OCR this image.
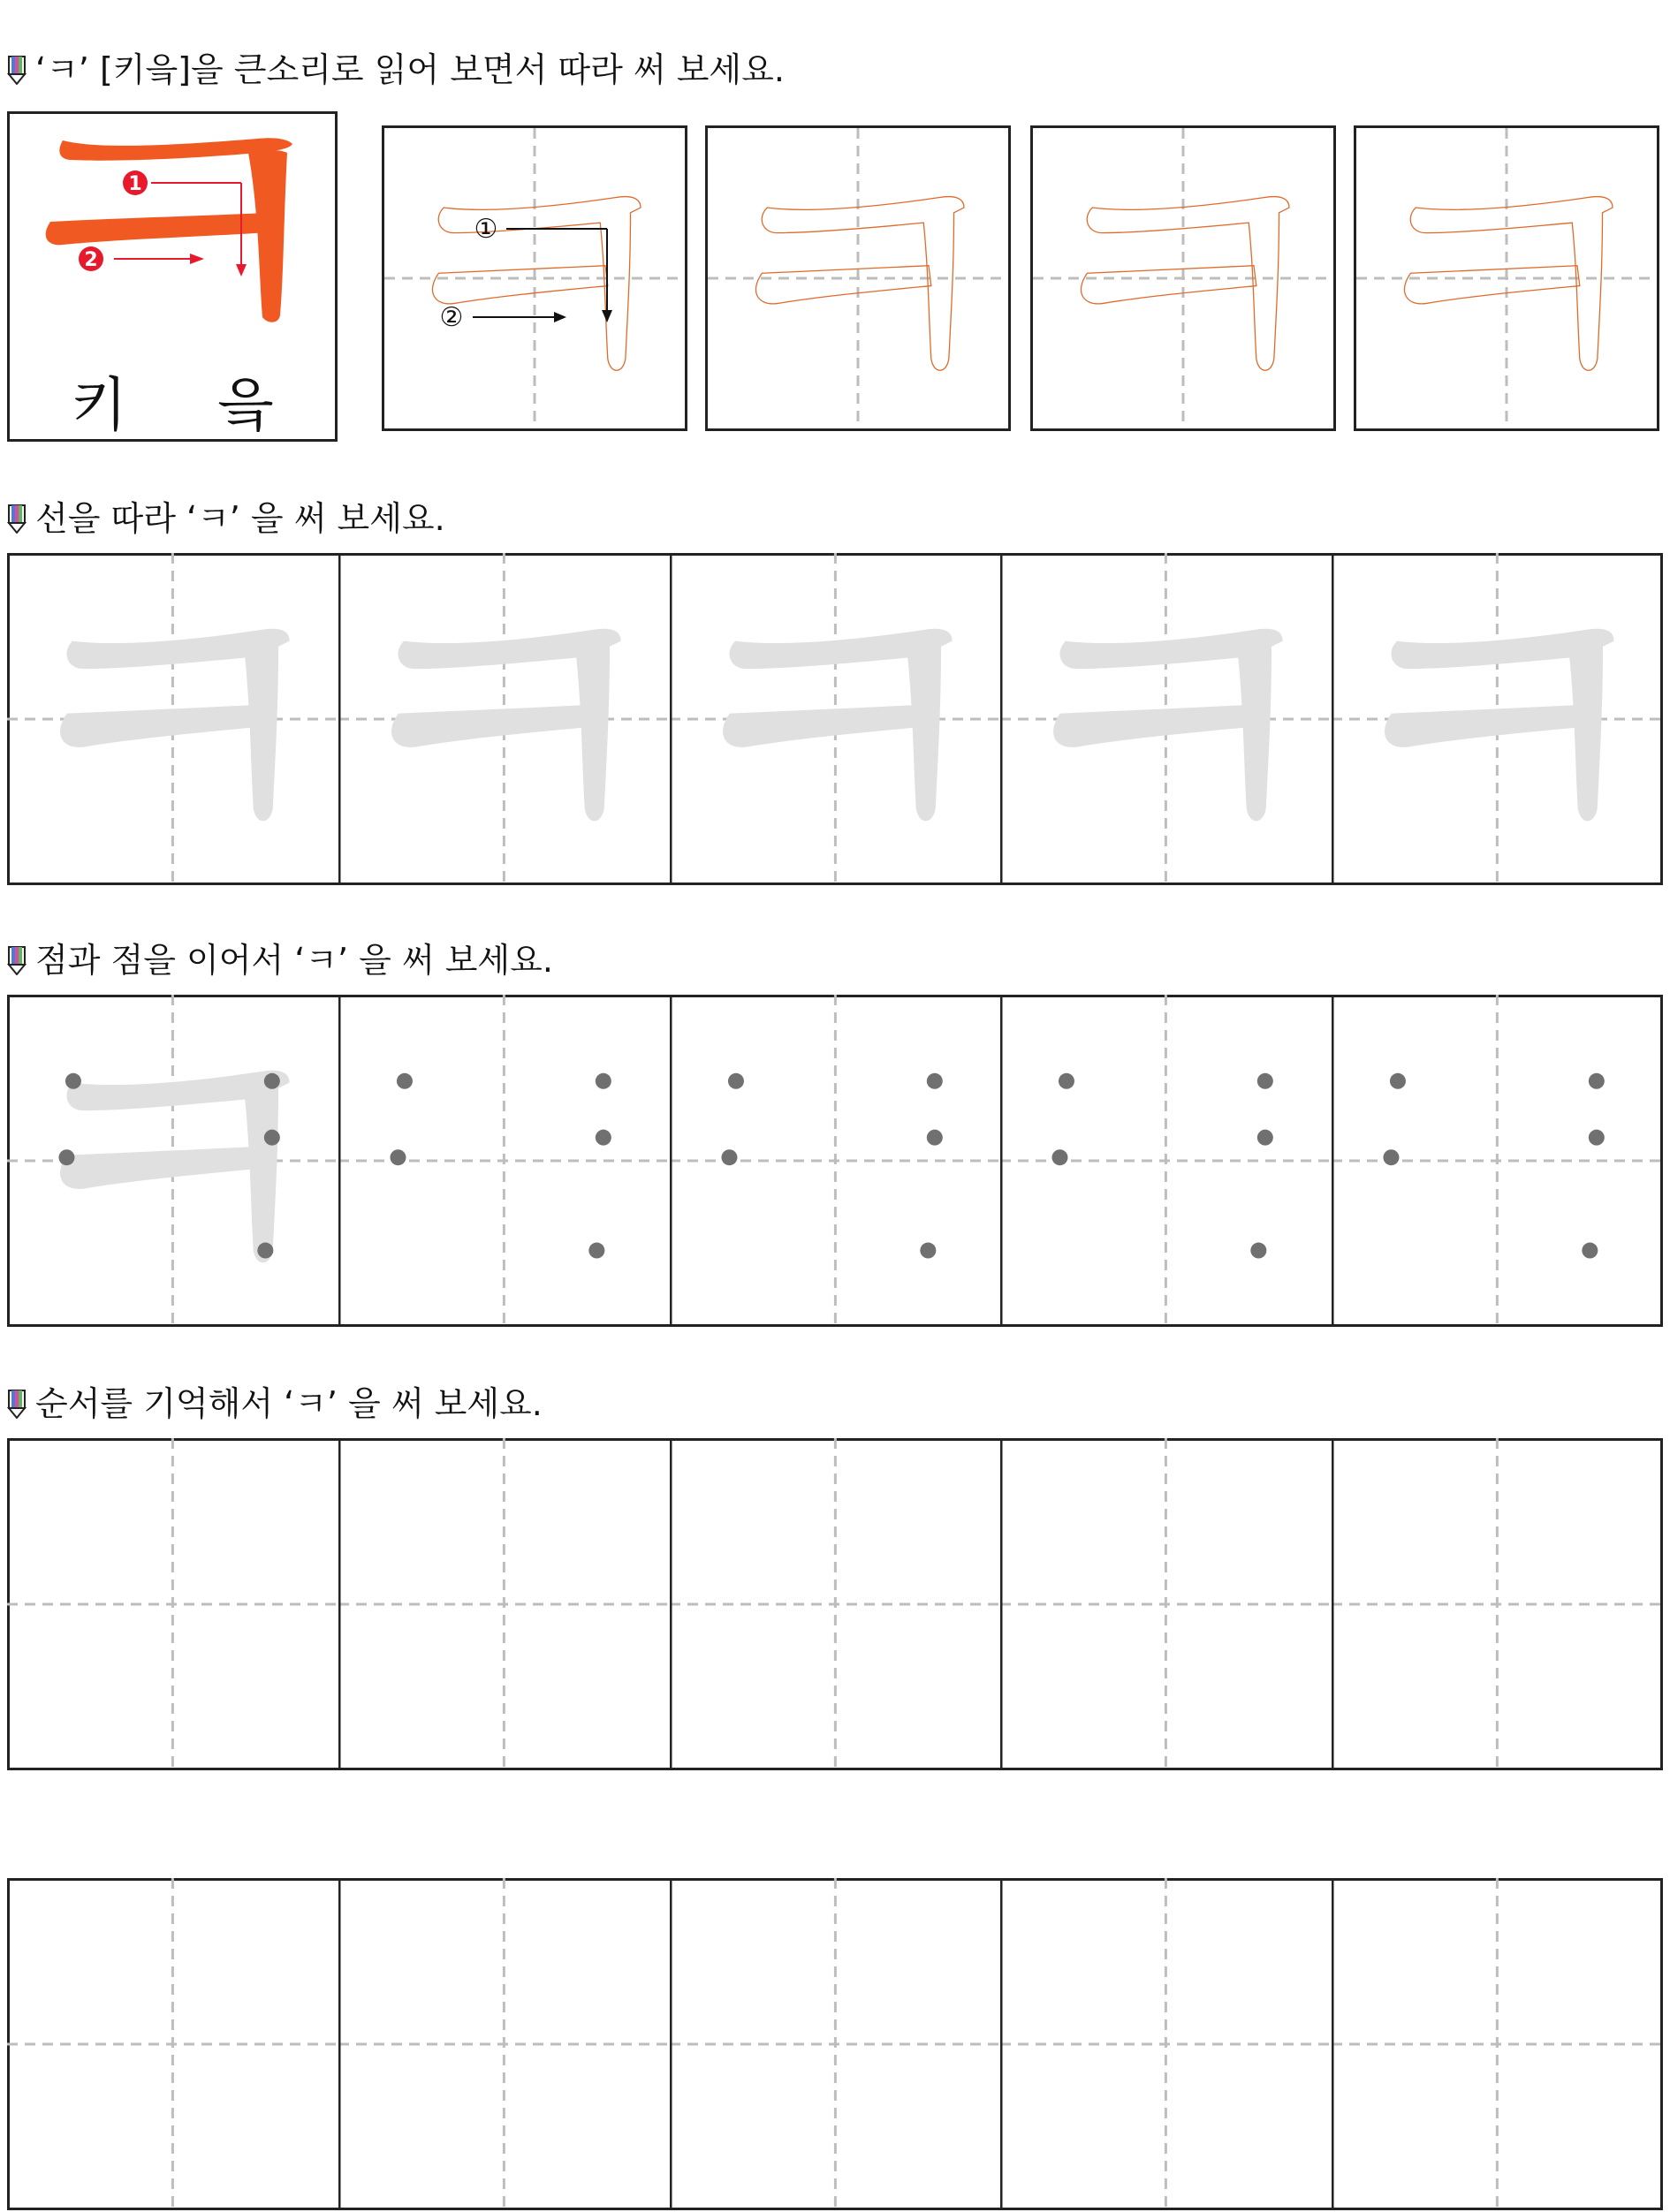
‘ㅋ’ [키읔]을 큰소리로 읽어 보면서 따라 써 보세요.
1
2
키 읔
①
②
선을 따라 ‘ㅋ’ 을 써 보세요.
점과 점을 이어서 ‘ㅋ’ 을 써 보세요.
순서를 기억해서 ‘ㅋ’ 을 써 보세요.
